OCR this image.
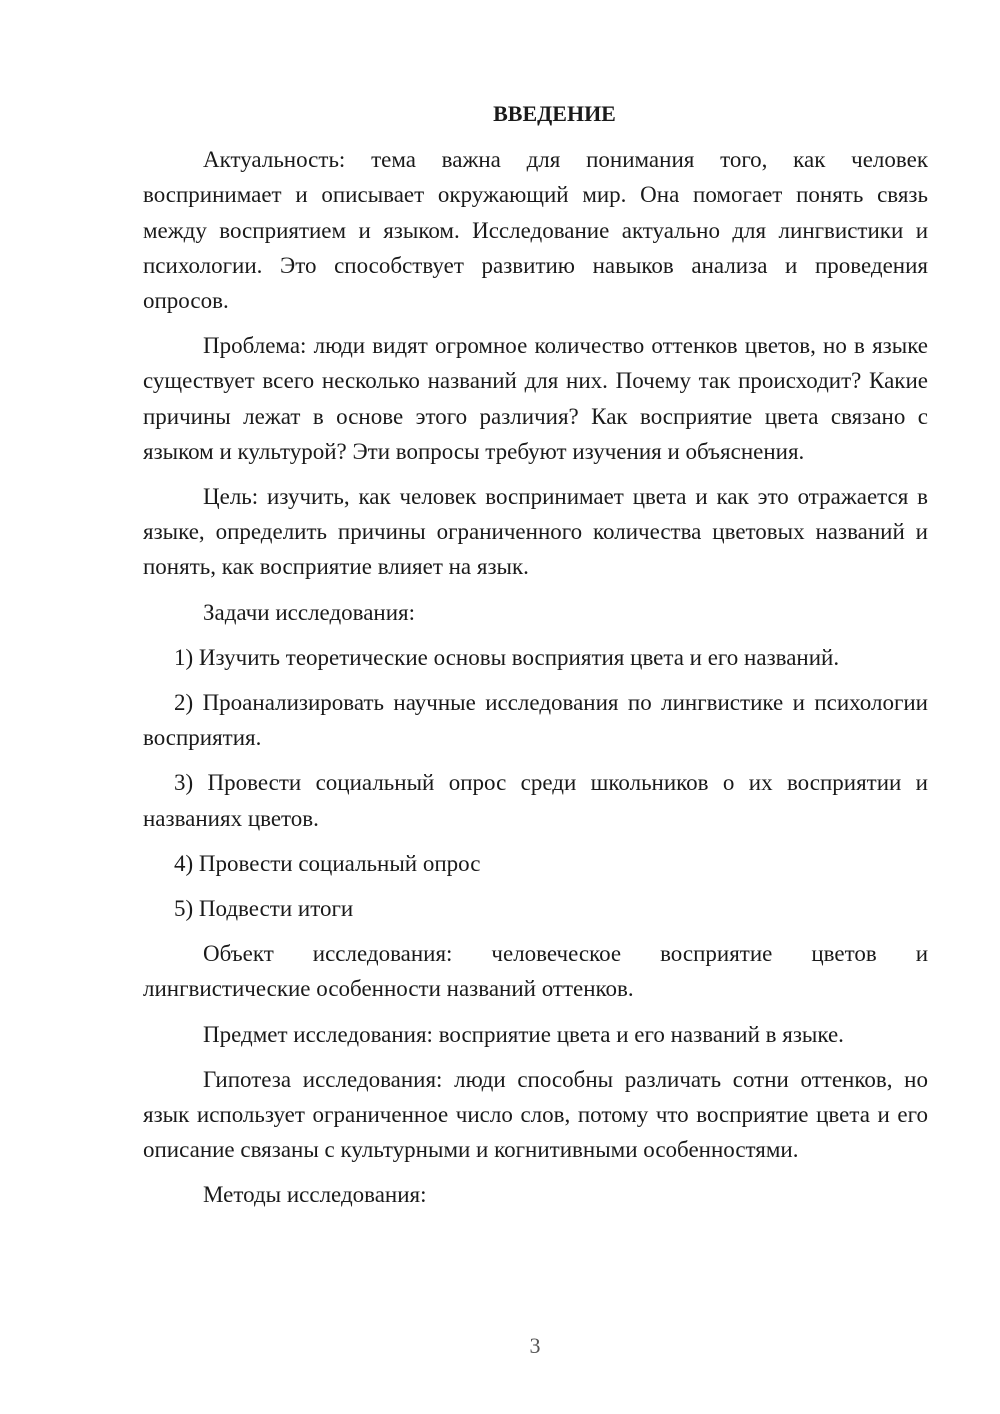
ВВЕДЕНИЕ

Актуальность: тема важна для понимания того, как человек воспринимает и описывает окружающий мир. Она помогает понять связь между восприятием и языком. Исследование актуально для лингвистики и психологии. Это способствует развитию навыков анализа и проведения опросов.

Проблема: люди видят огромное количество оттенков цветов, но в языке существует всего несколько названий для них. Почему так происходит? Какие причины лежат в основе этого различия? Как восприятие цвета связано с языком и культурой? Эти вопросы требуют изучения и объяснения.

Цель: изучить, как человек воспринимает цвета и как это отражается в языке, определить причины ограниченного количества цветовых названий и понять, как восприятие влияет на язык.

Задачи исследования:

1) Изучить теоретические основы восприятия цвета и его названий.

2) Проанализировать научные исследования по лингвистике и психологии восприятия.

3) Провести социальный опрос среди школьников о их восприятии и названиях цветов.

4) Провести социальный опрос

5) Подвести итоги

Объект исследования: человеческое восприятие цветов и лингвистические особенности названий оттенков.

Предмет исследования: восприятие цвета и его названий в языке.

Гипотеза исследования: люди способны различать сотни оттенков, но язык использует ограниченное число слов, потому что восприятие цвета и его описание связаны с культурными и когнитивными особенностями.

Методы исследования:

3
